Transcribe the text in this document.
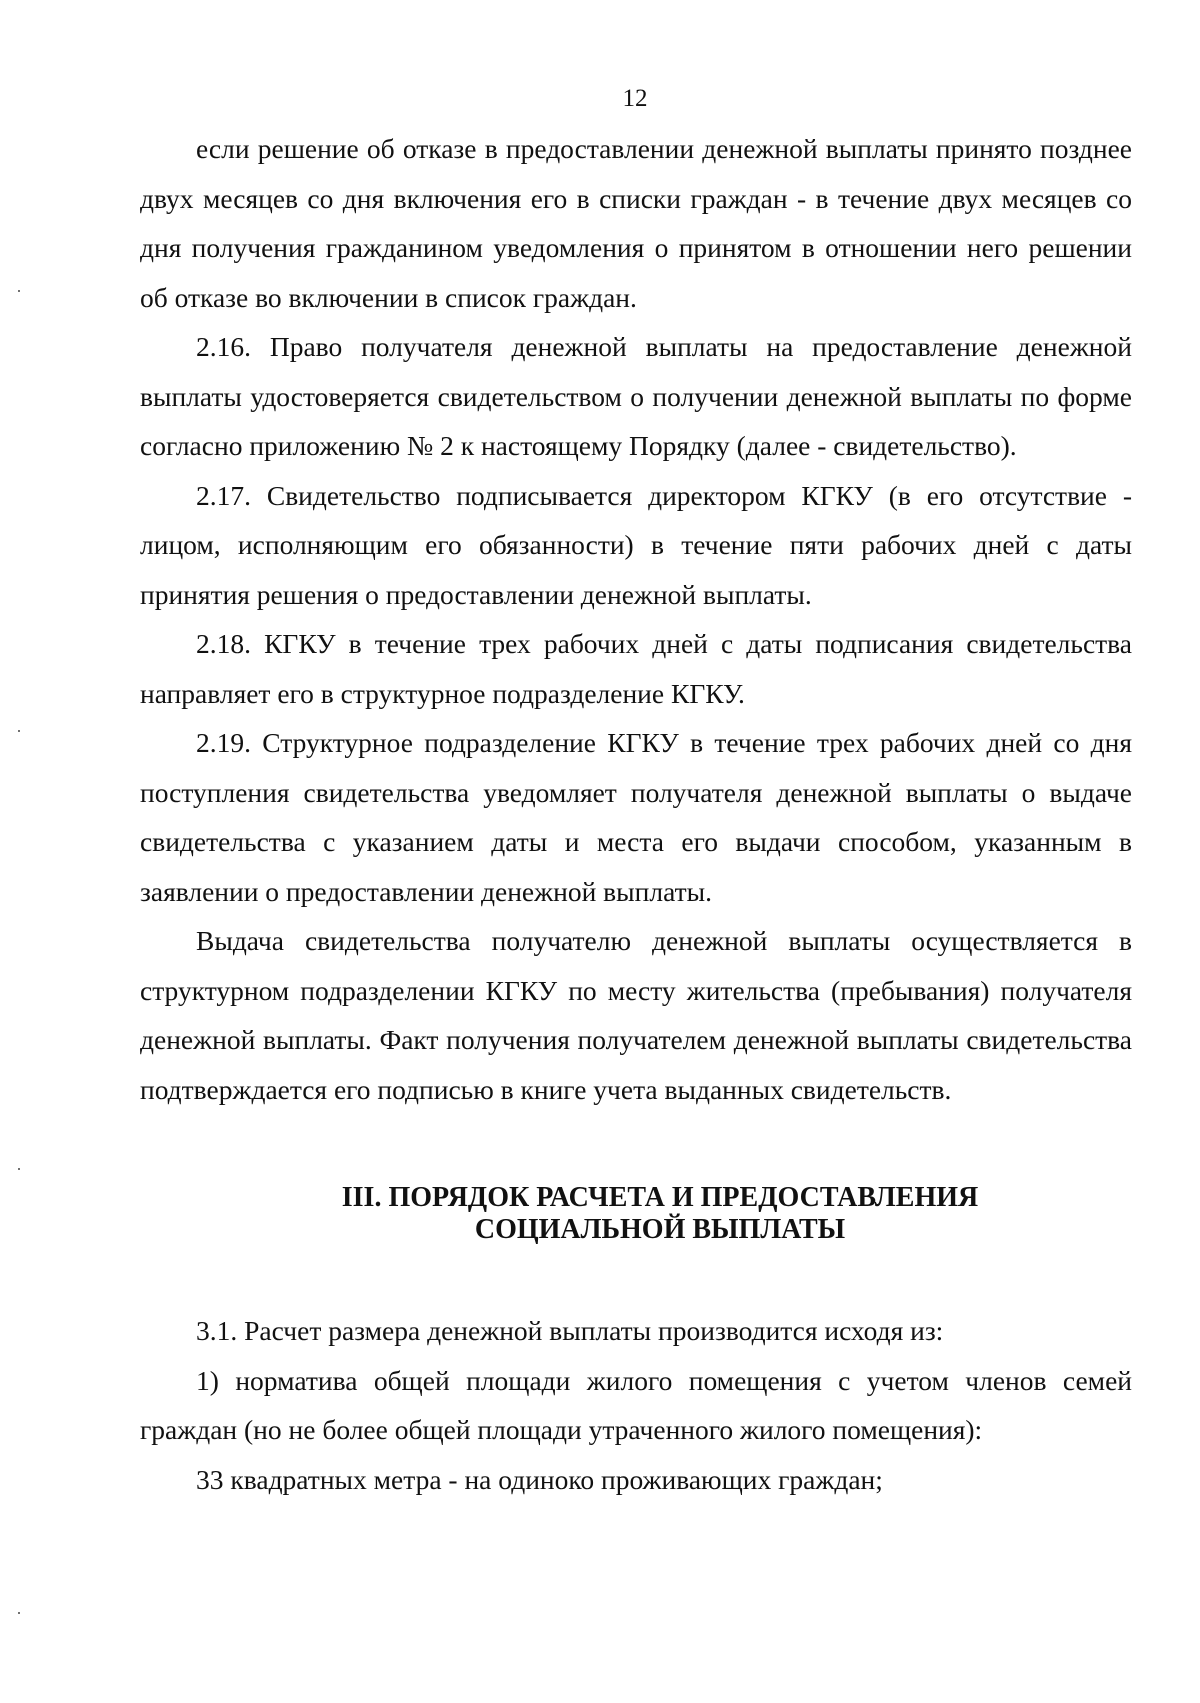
12

если решение об отказе в предоставлении денежной выплаты принято позднее двух месяцев со дня включения его в списки граждан - в течение двух месяцев со дня получения гражданином уведомления о принятом в отношении него решении об отказе во включении в список граждан.

2.16. Право получателя денежной выплаты на предоставление денежной выплаты удостоверяется свидетельством о получении денежной выплаты по форме согласно приложению № 2 к настоящему Порядку (далее - свидетельство).

2.17. Свидетельство подписывается директором КГКУ (в его отсутствие - лицом, исполняющим его обязанности) в течение пяти рабочих дней с даты принятия решения о предоставлении денежной выплаты.

2.18. КГКУ в течение трех рабочих дней с даты подписания свидетельства направляет его в структурное подразделение КГКУ.

2.19. Структурное подразделение КГКУ в течение трех рабочих дней со дня поступления свидетельства уведомляет получателя денежной выплаты о выдаче свидетельства с указанием даты и места его выдачи способом, указанным в заявлении о предоставлении денежной выплаты.

Выдача свидетельства получателю денежной выплаты осуществляется в структурном подразделении КГКУ по месту жительства (пребывания) получателя денежной выплаты. Факт получения получателем денежной выплаты свидетельства подтверждается его подписью в книге учета выданных свидетельств.

III. ПОРЯДОК РАСЧЕТА И ПРЕДОСТАВЛЕНИЯ
СОЦИАЛЬНОЙ ВЫПЛАТЫ

3.1. Расчет размера денежной выплаты производится исходя из:

1) норматива общей площади жилого помещения с учетом членов семей граждан (но не более общей площади утраченного жилого помещения):

33 квадратных метра - на одиноко проживающих граждан;
